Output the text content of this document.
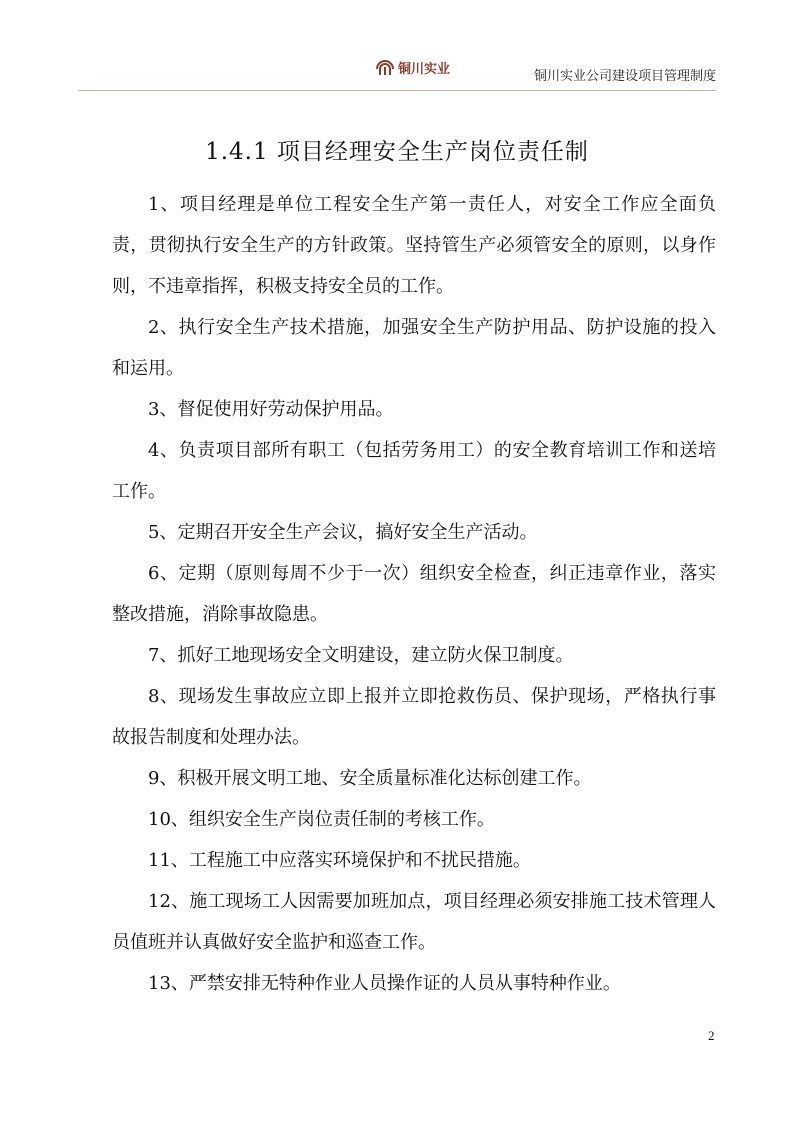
铜川实业	铜川实业公司建设项目管理制度
1.4.1 项目经理安全生产岗位责任制

1、项目经理是单位工程安全生产第一责任人，对安全工作应全面负责，贯彻执行安全生产的方针政策。坚持管生产必须管安全的原则，以身作则，不违章指挥，积极支持安全员的工作。

2、执行安全生产技术措施，加强安全生产防护用品、防护设施的投入和运用。

3、督促使用好劳动保护用品。

4、负责项目部所有职工（包括劳务用工）的安全教育培训工作和送培工作。

5、定期召开安全生产会议，搞好安全生产活动。

6、定期（原则每周不少于一次）组织安全检查，纠正违章作业，落实整改措施，消除事故隐患。

7、抓好工地现场安全文明建设，建立防火保卫制度。

8、现场发生事故应立即上报并立即抢救伤员、保护现场，严格执行事故报告制度和处理办法。

9、积极开展文明工地、安全质量标准化达标创建工作。

10、组织安全生产岗位责任制的考核工作。

11、工程施工中应落实环境保护和不扰民措施。

12、施工现场工人因需要加班加点，项目经理必须安排施工技术管理人员值班并认真做好安全监护和巡查工作。

13、严禁安排无特种作业人员操作证的人员从事特种作业。

2
